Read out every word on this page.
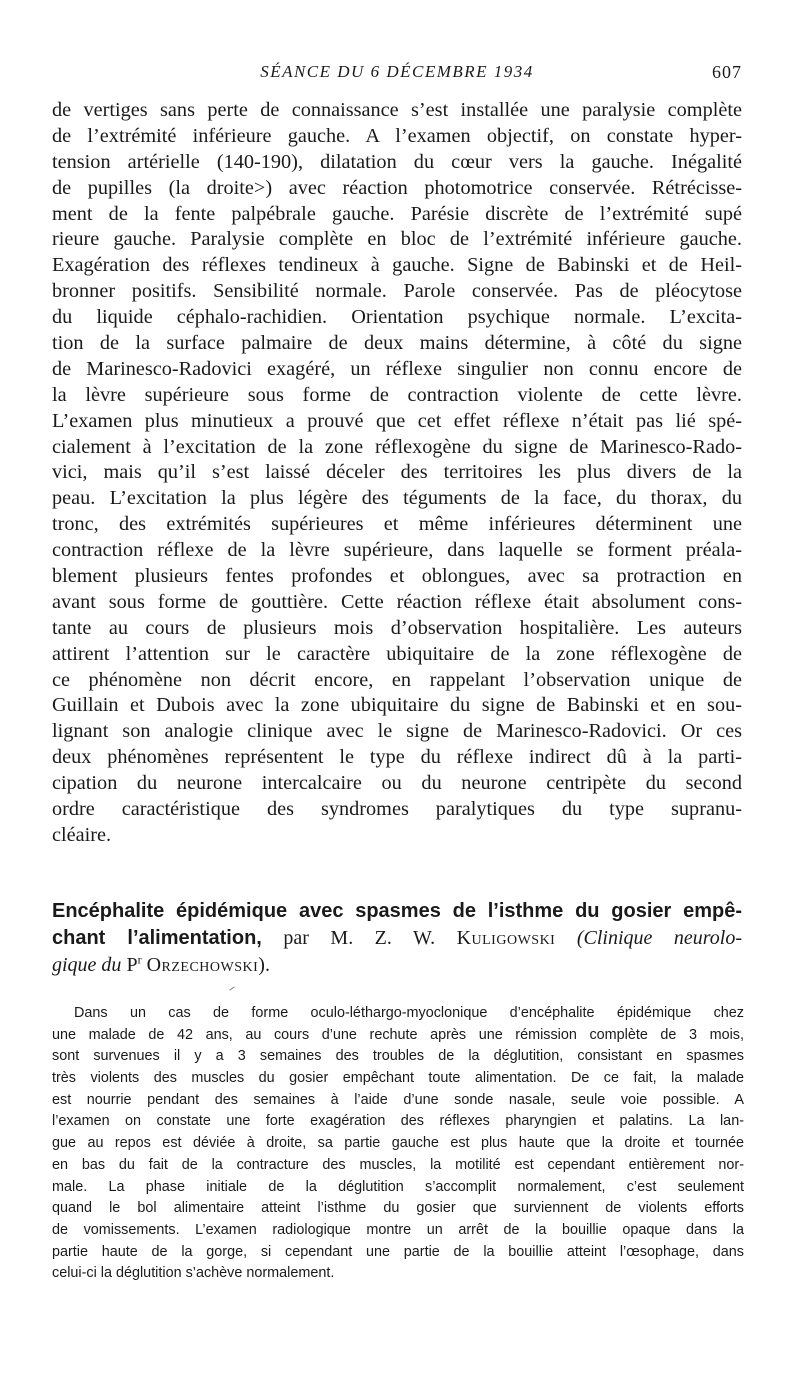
SÉANCE DU 6 DÉCEMBRE 1934	607
de vertiges sans perte de connaissance s’est installée une paralysie complète
de l’extrémité inférieure gauche. A l’examen objectif, on constate hyper-
tension artérielle (140-190), dilatation du cœur vers la gauche. Inégalité
de pupilles (la droite>) avec réaction photomotrice conservée. Rétrécisse-
ment de la fente palpébrale gauche. Parésie discrète de l’extrémité supé
rieure gauche. Paralysie complète en bloc de l’extrémité inférieure gauche.
Exagération des réflexes tendineux à gauche. Signe de Babinski et de Heil-
bronner positifs. Sensibilité normale. Parole conservée. Pas de pléocytose
du liquide céphalo-rachidien. Orientation psychique normale. L’excita-
tion de la surface palmaire de deux mains détermine, à côté du signe
de Marinesco-Radovici exagéré, un réflexe singulier non connu encore de
la lèvre supérieure sous forme de contraction violente de cette lèvre.
L’examen plus minutieux a prouvé que cet effet réflexe n’était pas lié spé-
cialement à l’excitation de la zone réflexogène du signe de Marinesco-Rado-
vici, mais qu’il s’est laissé déceler des territoires les plus divers de la
peau. L’excitation la plus légère des téguments de la face, du thorax, du
tronc, des extrémités supérieures et même inférieures déterminent une
contraction réflexe de la lèvre supérieure, dans laquelle se forment préala-
blement plusieurs fentes profondes et oblongues, avec sa protraction en
avant sous forme de gouttière. Cette réaction réflexe était absolument cons-
tante au cours de plusieurs mois d’observation hospitalière. Les auteurs
attirent l’attention sur le caractère ubiquitaire de la zone réflexogène de
ce phénomène non décrit encore, en rappelant l’observation unique de
Guillain et Dubois avec la zone ubiquitaire du signe de Babinski et en sou-
lignant son analogie clinique avec le signe de Marinesco-Radovici. Or ces
deux phénomènes représentent le type du réflexe indirect dû à la parti-
cipation du neurone intercalcaire ou du neurone centripète du second
ordre caractéristique des syndromes paralytiques du type supranu-
cléaire.
Encéphalite épidémique avec spasmes de l’isthme du gosier empê-
chant l’alimentation, par M. Z. W. Kuligowski (Clinique neurolo-
gique du $P^r$ Orzechowski).
Dans un cas de forme oculo-léthargo-myoclonique d’encéphalite épidémique chez
une malade de 42 ans, au cours d’une rechute après une rémission complète de 3 mois,
sont survenues il y a 3 semaines des troubles de la déglutition, consistant en spasmes
très violents des muscles du gosier empêchant toute alimentation. De ce fait, la malade
est nourrie pendant des semaines à l’aide d’une sonde nasale, seule voie possible. A
l’examen on constate une forte exagération des réflexes pharyngien et palatins. La lan-
gue au repos est déviée à droite, sa partie gauche est plus haute que la droite et tournée
en bas du fait de la contracture des muscles, la motilité est cependant entièrement nor-
male. La phase initiale de la déglutition s’accomplit normalement, c’est seulement
quand le bol alimentaire atteint l’isthme du gosier que surviennent de violents efforts
de vomissements. L’examen radiologique montre un arrêt de la bouillie opaque dans la
partie haute de la gorge, si cependant une partie de la bouillie atteint l’œsophage, dans
celui-ci la déglutition s’achève normalement.
